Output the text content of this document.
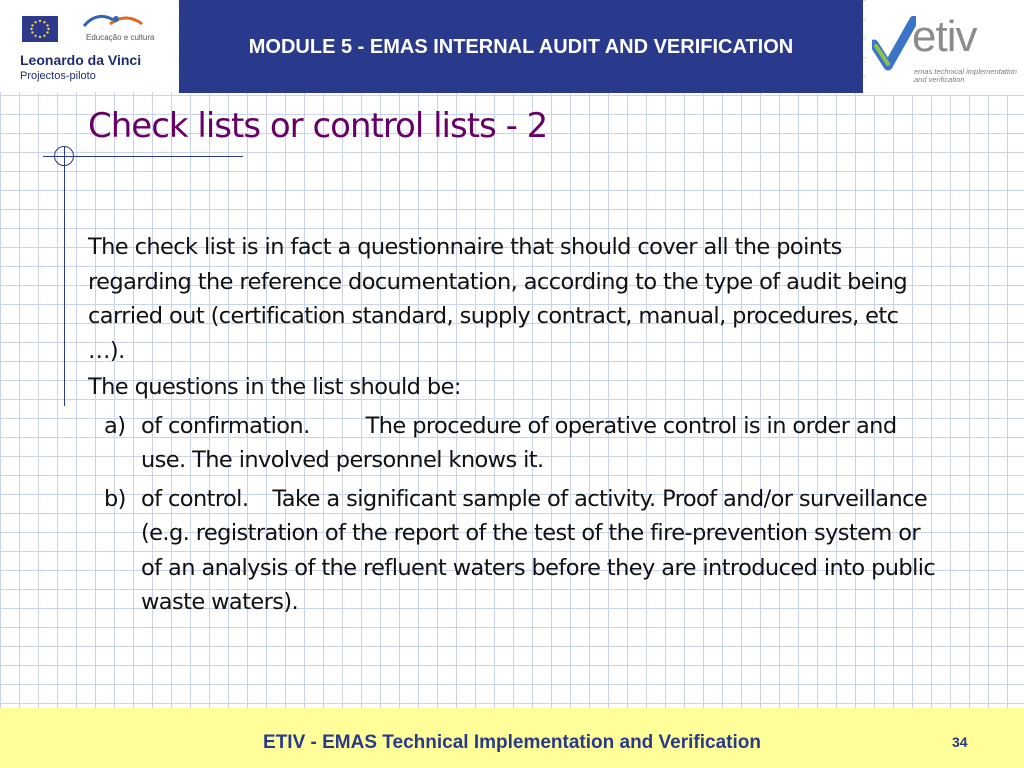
Educação e cultura
Leonardo da Vinci
Projectos-piloto
MODULE 5 - EMAS INTERNAL AUDIT AND VERIFICATION	etiv
emas technical implementation
and verification
Check lists or control lists - 2

The check list is in fact a questionnaire that should cover all the points regarding the reference documentation, according to the type of audit being carried out (certification standard, supply contract, manual, procedures, etc …).

The questions in the list should be:

a) of confirmation. The procedure of operative control is in order and use. The involved personnel knows it.
b) of control. Take a significant sample of activity. Proof and/or surveillance (e.g. registration of the report of the test of the fire-prevention system or of an analysis of the refluent waters before they are introduced into public waste waters).
ETIV - EMAS Technical Implementation and Verification	34
